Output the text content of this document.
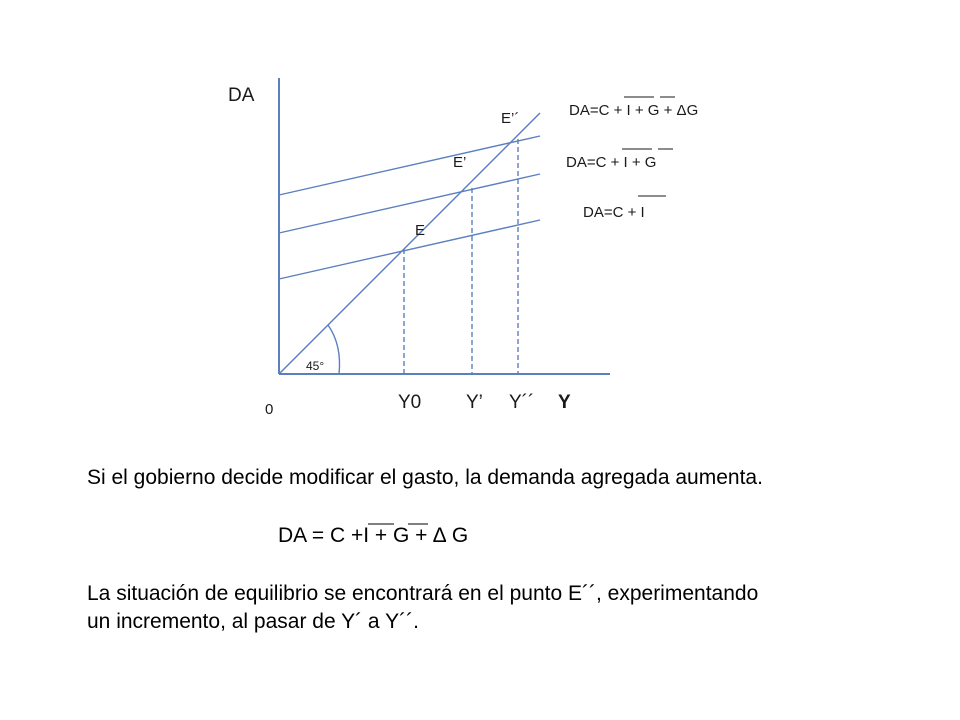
DA
0
45°
Y0 Y’ Y´´ Y
E
E’
E’´	DA=C + I + G + ΔG
DA=C + I + G
DA=C + I
Si el gobierno decide modificar el gasto, la demanda agregada aumenta.
DA = C +I + G + ∆ G
La situación de equilibrio se encontrará en el punto E´´, experimentando
un incremento, al pasar de Y´ a Y´´.
